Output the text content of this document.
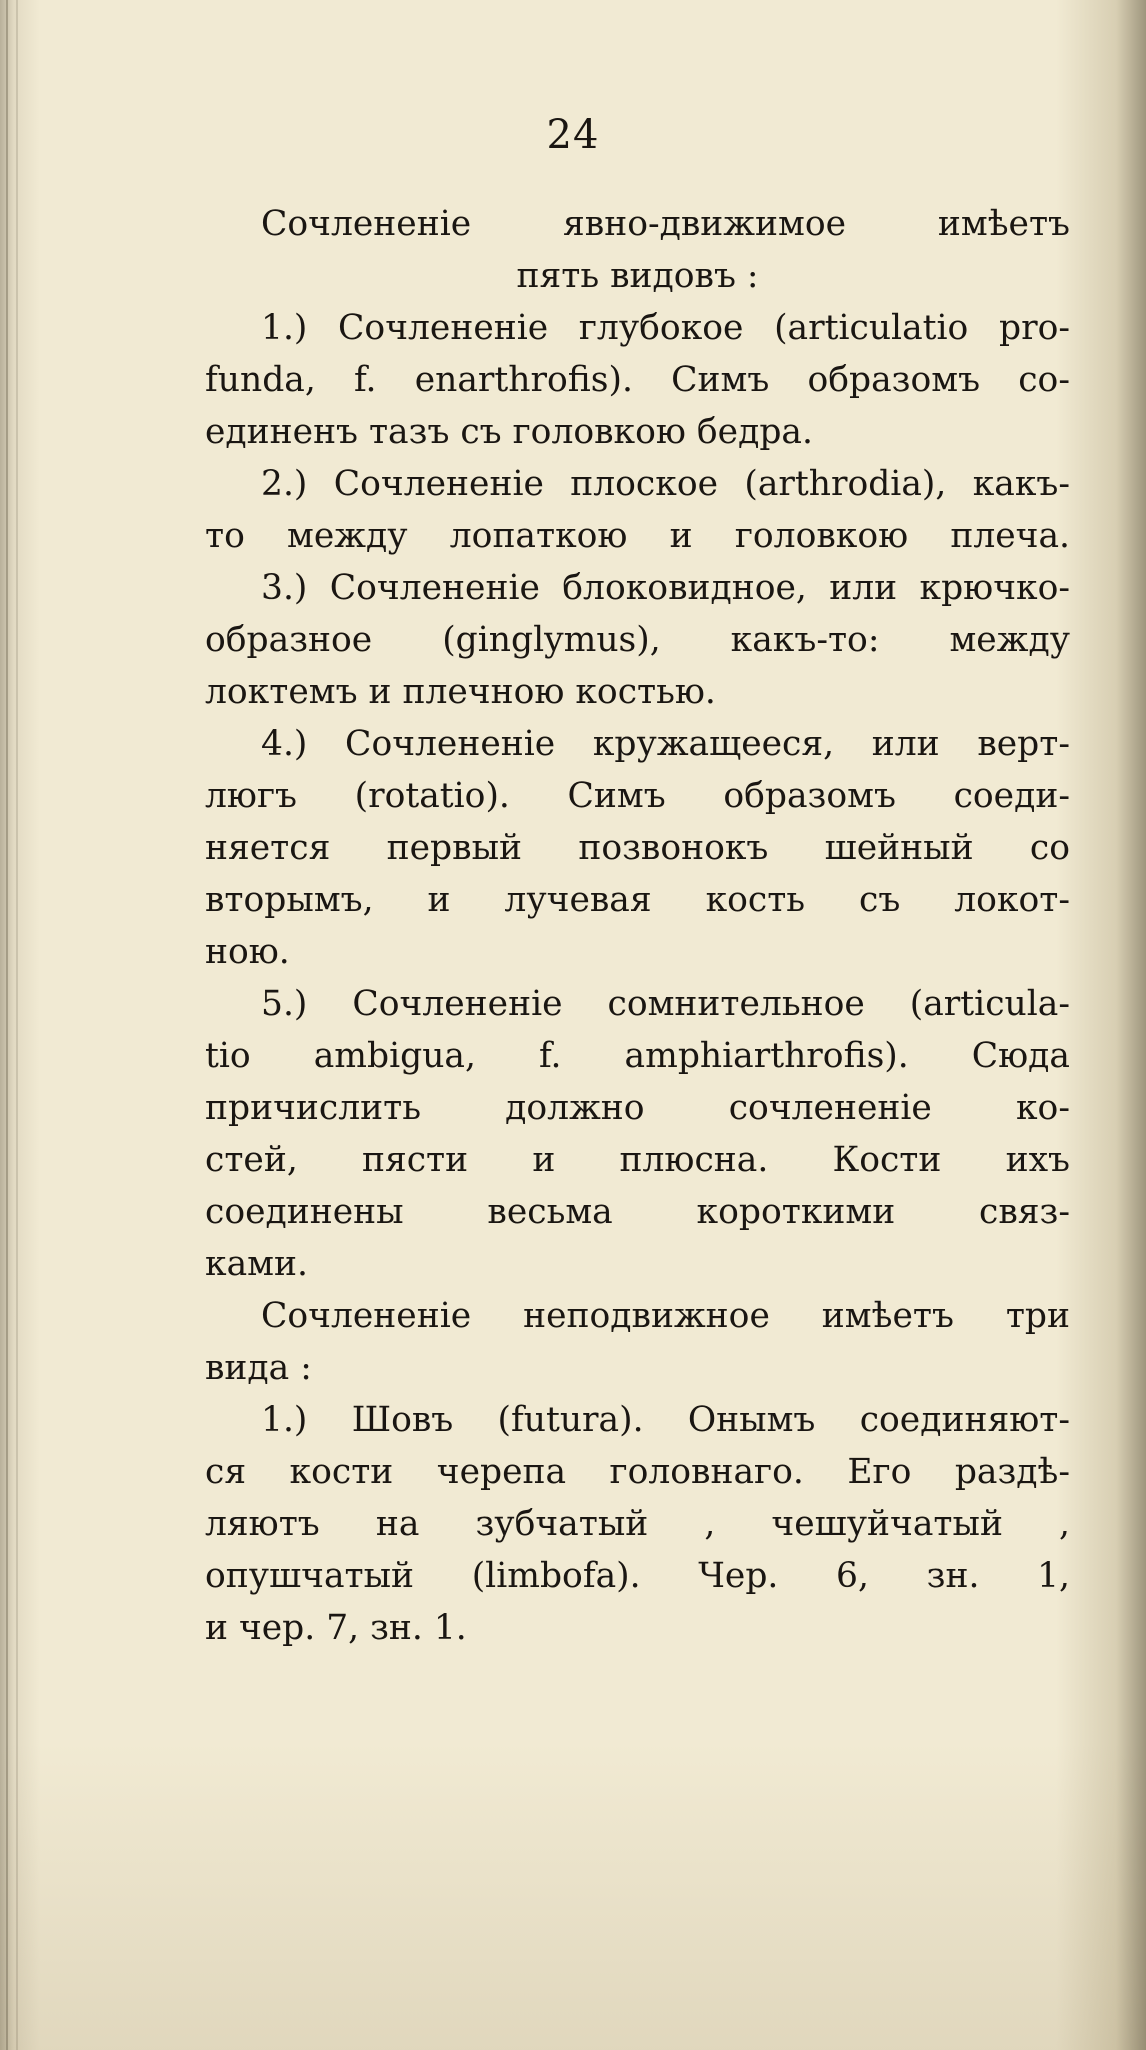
24
Сочлененіе явно-движимое имѣетъ
пять видовъ :
1.) Сочлененіе глубокое (articulatio pro-
funda, f. enarthrofis). Симъ образомъ со-
единенъ тазъ съ головкою бедра.
2.) Сочлененіе плоское (arthrodia), какъ-
то между лопаткою и головкою плеча.
3.) Сочлененіе блоковидное, или крючко-
образное (ginglymus), какъ-то: между
локтемъ и плечною костью.
4.) Сочлененіе кружащееся, или верт-
люгъ (rotatio). Симъ образомъ соеди-
няется первый позвонокъ шейный со
вторымъ, и лучевая кость съ локот-
ною.
5.) Сочлененіе сомнительное (articula-
tio ambigua, f. amphiarthrofis). Сюда
причислить должно сочлененіе ко-
стей, пясти и плюсна. Кости ихъ
соединены весьма короткими связ-
ками.
Сочлененіе неподвижное имѣетъ три
вида :
1.) Шовъ (futura). Онымъ соединяют-
ся кости черепа головнаго. Его раздѣ-
ляютъ на зубчатый , чешуйчатый ,
опушчатый (limbofa). Чер. 6, зн. 1,
и чер. 7, зн. 1.
